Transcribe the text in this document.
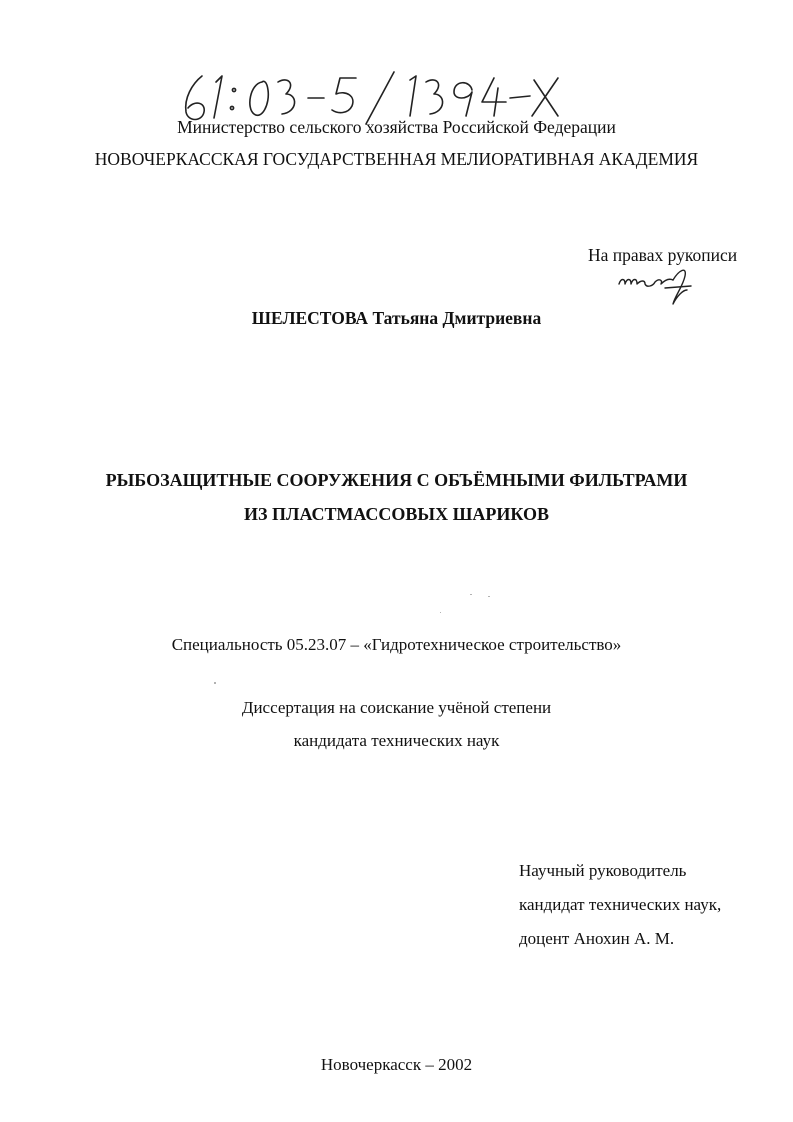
Министерство сельского хозяйства Российской Федерации
НОВОЧЕРКАССКАЯ ГОСУДАРСТВЕННАЯ МЕЛИОРАТИВНАЯ АКАДЕМИЯ
На правах рукописи
ШЕЛЕСТОВА Татьяна Дмитриевна
РЫБОЗАЩИТНЫЕ СООРУЖЕНИЯ С ОБЪЁМНЫМИ ФИЛЬТРАМИ
ИЗ ПЛАСТМАССОВЫХ ШАРИКОВ
Специальность 05.23.07 – «Гидротехническое строительство»
Диссертация на соискание учёной степени
кандидата технических наук
Научный руководитель
кандидат технических наук,
доцент Анохин А. М.
Новочеркасск – 2002
